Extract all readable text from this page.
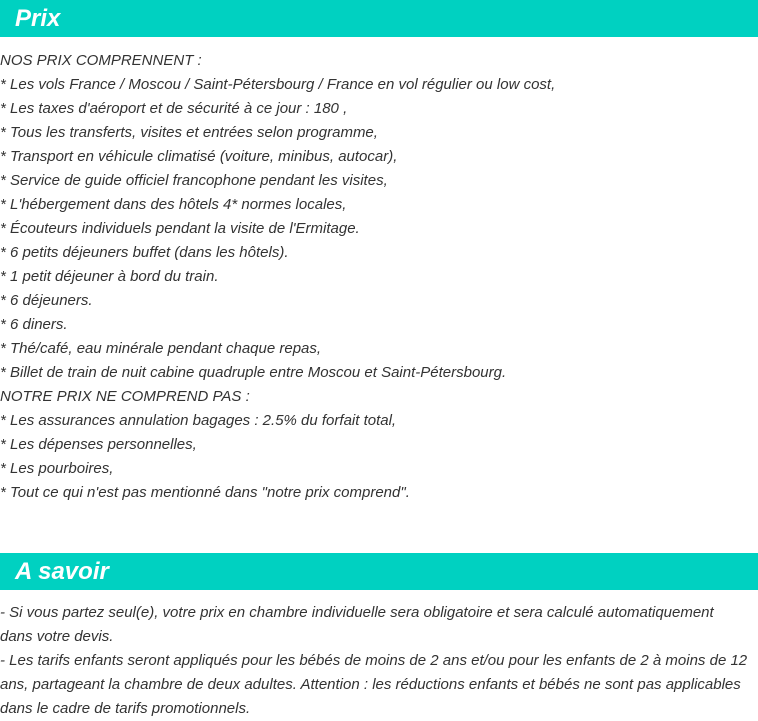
Prix

NOS PRIX COMPRENNENT :

* Les vols France / Moscou / Saint-Pétersbourg / France en vol régulier ou low cost,

* Les taxes d'aéroport et de sécurité à ce jour : 180 ,

* Tous les transferts, visites et entrées selon programme,

* Transport en véhicule climatisé (voiture, minibus, autocar),

* Service de guide officiel francophone pendant les visites,

* L'hébergement dans des hôtels 4* normes locales,

* Écouteurs individuels pendant la visite de l'Ermitage.

* 6 petits déjeuners buffet (dans les hôtels).

* 1 petit déjeuner à bord du train.

* 6 déjeuners.

* 6 diners.

* Thé/café, eau minérale pendant chaque repas,

* Billet de train de nuit cabine quadruple entre Moscou et Saint-Pétersbourg.

NOTRE PRIX NE COMPREND PAS :

* Les assurances annulation bagages : 2.5% du forfait total,

* Les dépenses personnelles,

* Les pourboires,

* Tout ce qui n'est pas mentionné dans "notre prix comprend".

A savoir

- Si vous partez seul(e), votre prix en chambre individuelle sera obligatoire et sera calculé automatiquement dans votre devis.

- Les tarifs enfants seront appliqués pour les bébés de moins de 2 ans et/ou pour les enfants de 2 à moins de 12 ans, partageant la chambre de deux adultes. Attention : les réductions enfants et bébés ne sont pas applicables dans le cadre de tarifs promotionnels.
